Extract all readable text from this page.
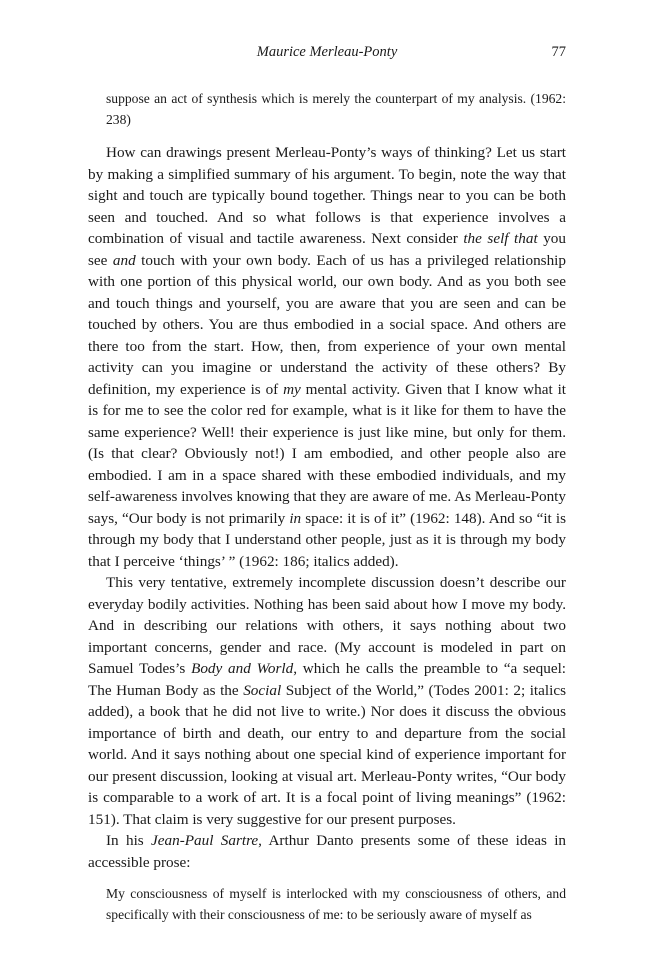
Maurice Merleau-Ponty	77

suppose an act of synthesis which is merely the counterpart of my analysis. (1962: 238)

How can drawings present Merleau-Ponty’s ways of thinking? Let us start by making a simplified summary of his argument. To begin, note the way that sight and touch are typically bound together. Things near to you can be both seen and touched. And so what follows is that experience involves a combination of visual and tactile awareness. Next consider the self that you see and touch with your own body. Each of us has a privileged relationship with one portion of this physical world, our own body. And as you both see and touch things and yourself, you are aware that you are seen and can be touched by others. You are thus embodied in a social space. And others are there too from the start. How, then, from experience of your own mental activity can you imagine or understand the activity of these others? By definition, my experience is of my mental activity. Given that I know what it is for me to see the color red for example, what is it like for them to have the same experience? Well! their experience is just like mine, but only for them. (Is that clear? Obviously not!) I am embodied, and other people also are embodied. I am in a space shared with these embodied individuals, and my self-awareness involves knowing that they are aware of me. As Merleau-Ponty says, “Our body is not primarily in space: it is of it” (1962: 148). And so “it is through my body that I understand other people, just as it is through my body that I perceive ‘things’ ” (1962: 186; italics added).

This very tentative, extremely incomplete discussion doesn’t describe our everyday bodily activities. Nothing has been said about how I move my body. And in describing our relations with others, it says nothing about two important concerns, gender and race. (My account is modeled in part on Samuel Todes’s Body and World, which he calls the preamble to “a sequel: The Human Body as the Social Subject of the World,” (Todes 2001: 2; italics added), a book that he did not live to write.) Nor does it discuss the obvious importance of birth and death, our entry to and departure from the social world. And it says nothing about one special kind of experience important for our present discussion, looking at visual art. Merleau-Ponty writes, “Our body is comparable to a work of art. It is a focal point of living meanings” (1962: 151). That claim is very suggestive for our present purposes.

In his Jean-Paul Sartre, Arthur Danto presents some of these ideas in accessible prose:

My consciousness of myself is interlocked with my consciousness of others, and specifically with their consciousness of me: to be seriously aware of myself as
